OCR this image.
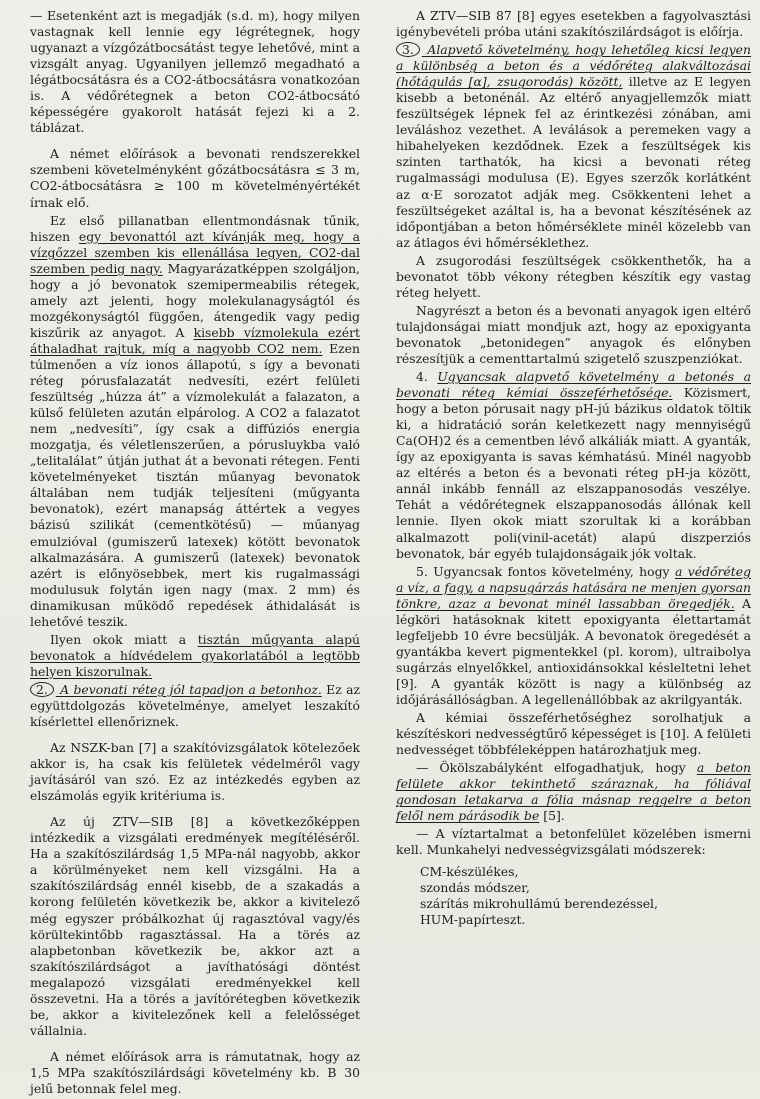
— Esetenként azt is megadják (s.d. m), hogy milyen vastagnak kell lennie egy légrétegnek, hogy ugyanazt a vízgőzátbocsátást tegye lehetővé, mint a vizsgált anyag. Ugyanilyen jellemző megadható a légátbocsátásra és a CO2-átbocsátásra vonatkozóan is. A védőrétegnek a beton CO2-átbocsátó képességére gyakorolt hatását fejezi ki a 2. táblázat.

A német előírások a bevonati rendszerekkel szembeni követelményként gőzátbocsátásra ≤ 3 m, CO2-átbocsátásra ≥ 100 m követelményértékét írnak elő.

Ez első pillanatban ellentmondásnak tűnik, hiszen egy bevonattól azt kívánják meg, hogy a vízgőzzel szemben kis ellenállása legyen, CO2-dal szemben pedig nagy. Magyarázatképpen szolgáljon, hogy a jó bevonatok szemipermeabilis rétegek, amely azt jelenti, hogy molekulanagyságtól és mozgékonyságtól függően, átengedik vagy pedig kiszűrik az anyagot. A kisebb vízmolekula ezért áthaladhat rajtuk, míg a nagyobb CO2 nem. Ezen túlmenően a víz ionos állapotú, s így a bevonati réteg pórusfalazatát nedvesíti, ezért felületi feszültség „húzza át” a vízmolekulát a falazaton, a külső felületen azután elpárolog. A CO2 a falazatot nem „nedvesíti”, így csak a diffúziós energia mozgatja, és véletlenszerűen, a pórusluykba való „telitalálat” útján juthat át a bevonati rétegen. Fenti követelményeket tisztán műanyag bevonatok általában nem tudják teljesíteni (műgyanta bevonatok), ezért manapság áttértek a vegyes bázisú szilikát (cementkötésű) — műanyag emulzióval (gumiszerű latexek) kötött bevonatok alkalmazására. A gumiszerű (latexek) bevonatok azért is előnyösebbek, mert kis rugalmassági modulusuk folytán igen nagy (max. 2 mm) és dinamikusan működő repedések áthidalását is lehetővé teszik.

Ilyen okok miatt a tisztán műgyanta alapú bevonatok a hídvédelem gyakorlatából a legtöbb helyen kiszorulnak.

2. A bevonati réteg jól tapadjon a betonhoz. Ez az együttdolgozás követelménye, amelyet leszakító kísérlettel ellenőriznek.

Az NSZK-ban [7] a szakítóvizsgálatok kötelezőek akkor is, ha csak kis felületek védelméről vagy javításáról van szó. Ez az intézkedés egyben az elszámolás egyik kritériuma is.

Az új ZTV—SIB [8] a következőképpen intézkedik a vizsgálati eredmények megítéléséről. Ha a szakítószilárdság 1,5 MPa-nál nagyobb, akkor a körülményeket nem kell vizsgálni. Ha a szakítószilárdság ennél kisebb, de a szakadás a korong felületén következik be, akkor a kivitelező még egyszer próbálkozhat új ragasztóval vagy/és körültekintőbb ragasztással. Ha a törés az alapbetonban következik be, akkor azt a szakítószilárdságot a javíthatósági döntést megalapozó vizsgálati eredményekkel kell összevetni. Ha a törés a javítórétegben következik be, akkor a kivitelezőnek kell a felelősséget vállalnia.

A német előírások arra is rámutatnak, hogy az 1,5 MPa szakítószilárdsági követelmény kb. B 30 jelű betonnak felel meg.

A ZTV—SIB 87 [8] egyes esetekben a fagyolvasztási igénybevételi próba utáni szakítószilárdságot is előírja.

3. Alapvető követelmény, hogy lehetőleg kicsi legyen a különbség a beton és a védőréteg alakváltozásai (hőtágulás [α], zsugorodás) között, illetve az E legyen kisebb a betonénál. Az eltérő anyagjellemzők miatt feszültségek lépnek fel az érintkezési zónában, ami leváláshoz vezethet. A leválások a peremeken vagy a hibahelyeken kezdődnek. Ezek a feszültségek kis szinten tarthatók, ha kicsi a bevonati réteg rugalmassági modulusa (E). Egyes szerzők korlátként az α·E sorozatot adják meg. Csökkenteni lehet a feszültségeket azáltal is, ha a bevonat készítésének az időpontjában a beton hőmérséklete minél közelebb van az átlagos évi hőmérséklethez.

A zsugorodási feszültségek csökkenthetők, ha a bevonatot több vékony rétegben készítik egy vastag réteg helyett.

Nagyrészt a beton és a bevonati anyagok igen eltérő tulajdonságai miatt mondjuk azt, hogy az epoxigyanta bevonatok „betonidegen” anyagok és előnyben részesítjük a cementtartalmú szigetelő szuszpenziókat.

4. Ugyancsak alapvető követelmény a betonés a bevonati réteg kémiai összeférhetősége. Közismert, hogy a beton pórusait nagy pH-jú bázikus oldatok töltik ki, a hidratáció során keletkezett nagy mennyiségű Ca(OH)2 és a cementben lévő alkáliák miatt. A gyanták, így az epoxigyanta is savas kémhatású. Minél nagyobb az eltérés a beton és a bevonati réteg pH-ja között, annál inkább fennáll az elszappanosodás veszélye. Tehát a védőrétegnek elszappanosodás állónak kell lennie. Ilyen okok miatt szorultak ki a korábban alkalmazott poli(vinil-acetát) alapú diszperziós bevonatok, bár egyéb tulajdonságaik jók voltak.

5. Ugyancsak fontos követelmény, hogy a védőréteg a víz, a fagy, a napsugárzás hatására ne menjen gyorsan tönkre, azaz a bevonat minél lassabban öregedjék. A légköri hatásoknak kitett epoxigyanta élettartamát legfeljebb 10 évre becsülják. A bevonatok öregedését a gyantákba kevert pigmentekkel (pl. korom), ultraibolya sugárzás elnyelőkkel, antioxidánsokkal késleltetni lehet [9]. A gyanták között is nagy a különbség az időjárásállóságban. A legellenállóbbak az akrilgyanták.

A kémiai összeférhetőséghez sorolhatjuk a készítéskori nedvességtűrő képességet is [10]. A felületi nedvességet többféleképpen határozhatjuk meg.

— Ökölszabályként elfogadhatjuk, hogy a beton felülete akkor tekinthető száraznak, ha fóliával gondosan letakarva a fólia másnap reggelre a beton felől nem párásodik be [5].

— A víztartalmat a betonfelület közelében ismerni kell. Munkahelyi nedvességvizsgálati módszerek:

CM-készülékes,
szondás módszer,
szárítás mikrohullámú berendezéssel,
HUM-papírteszt.
